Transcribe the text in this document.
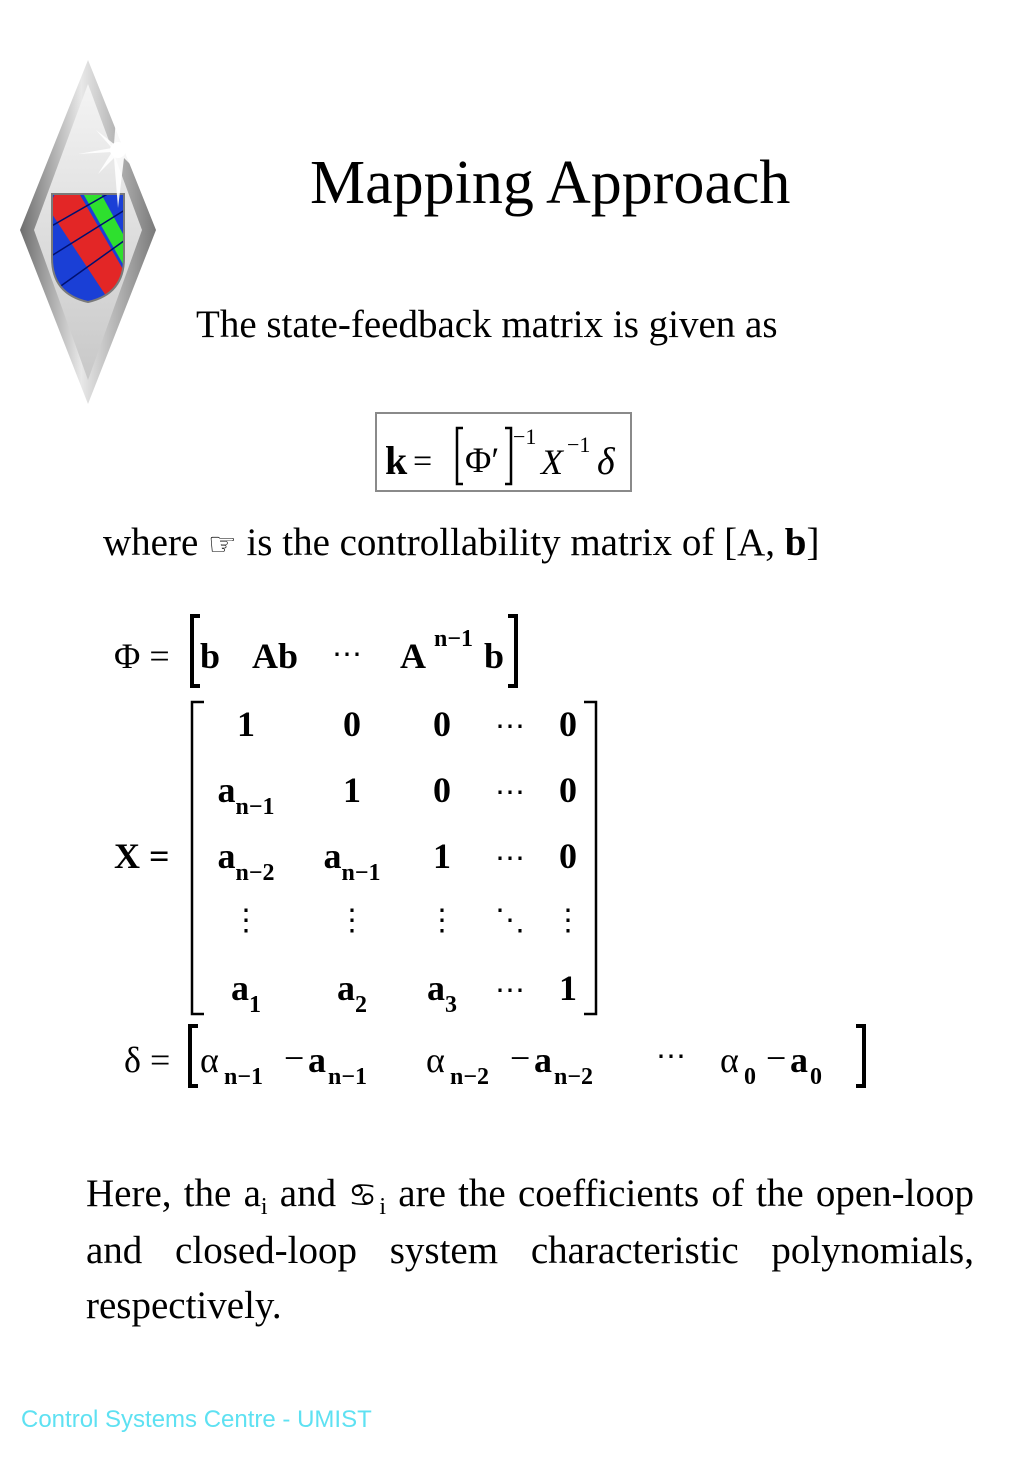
Mapping Approach
The state-feedback matrix is given as
k = Φ′
−1
X −1 δ
where ☞ is the controllability matrix of [A, b]
Φ = b Ab ⋯ A n−1 b
X =
1 0 0 ⋯ 0
$a_{n-1}$ 1 0 ⋯ 0
$a_{n-2}$ $a_{n-1}$ 1 ⋯ 0
⋮	⋮ ⋮ ⋱ ⋮
$a_1$ $a_2$ $a_3$ ⋯ 1
δ = α n−1 − a n−1 α n−2 − a n−2	α 0 − a 0
⋯
Here, the $a_i$ and $♋_i$ are the coefficients of the open-loop and closed-loop system characteristic polynomials, respectively.
Control Systems Centre - UMIST
